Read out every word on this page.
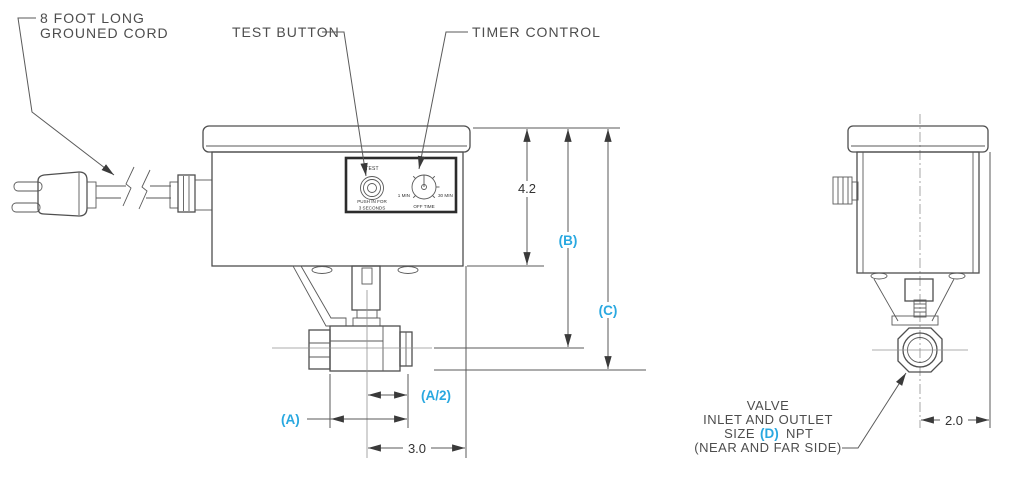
TEST
PUSH IN FOR
3 SECONDS
1 MIN	30 MIN
OFF TIME
8 FOOT LONG
GROUNED CORD	TEST BUTTON	TIMER CONTROL
4.2
(B)
(C)
(A/2)
(A)
3.0
2.0
VALVE
INLET AND OUTLET
SIZE (D) NPT
(NEAR AND FAR SIDE)
